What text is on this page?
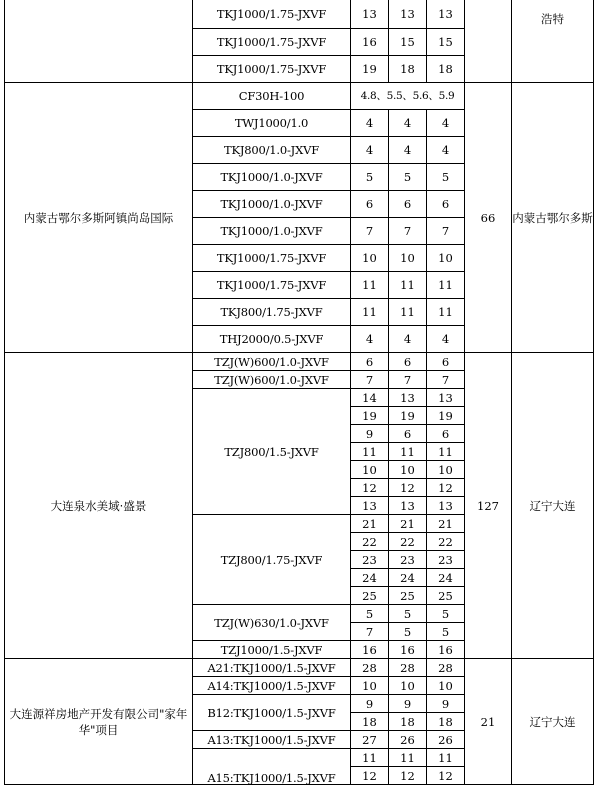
	TKJ1000/1.75-JXVF	13	13	13		浩特
	TKJ1000/1.75-JXVF	16	15	15		
	TKJ1000/1.75-JXVF	19	18	18		
内蒙古鄂尔多斯阿镇尚岛国际	CF30H-100	4.8、5.5、5.6、5.9			66	内蒙古鄂尔多斯
	TWJ1000/1.0	4	4	4		
	TKJ800/1.0-JXVF	4	4	4		
	TKJ1000/1.0-JXVF	5	5	5		
	TKJ1000/1.0-JXVF	6	6	6		
	TKJ1000/1.0-JXVF	7	7	7		
	TKJ1000/1.75-JXVF	10	10	10		
	TKJ1000/1.75-JXVF	11	11	11		
	TKJ800/1.75-JXVF	11	11	11		
	THJ2000/0.5-JXVF	4	4	4		
大连泉水美域·盛景	TZJ(W)600/1.0-JXVF	6	6	6	127	辽宁大连
	TZJ(W)600/1.0-JXVF	7	7	7		
	TZJ800/1.5-JXVF	14	13	13		
		19	19	19		
		9	6	6		
		11	11	11		
		10	10	10		
		12	12	12		
		13	13	13		
	TZJ800/1.75-JXVF	21	21	21		
		22	22	22		
		23	23	23		
		24	24	24		
		25	25	25		
	TZJ(W)630/1.0-JXVF	5	5	5		
		7	5	5		
	TZJ1000/1.5-JXVF	16	16	16		
大连源祥房地产开发有限公司"家年华"项目	A21:TKJ1000/1.5-JXVF	28	28	28	21	辽宁大连
	A14:TKJ1000/1.5-JXVF	10	10	10		
	B12:TKJ1000/1.5-JXVF	9	9	9		
		18	18	18		
	A13:TKJ1000/1.5-JXVF	27	26	26		
	A15:TKJ1000/1.5-JXVF	11	11	11		
		12	12	12		
